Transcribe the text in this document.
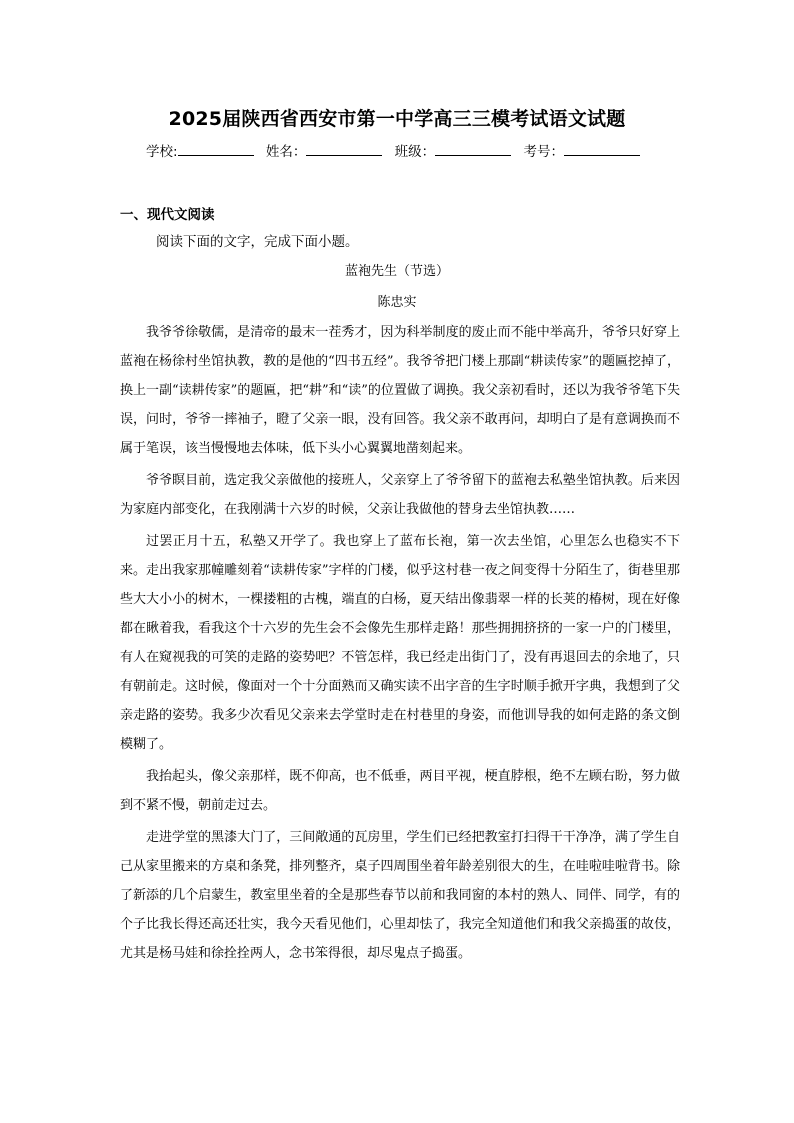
2025届陕西省西安市第一中学高三三模考试语文试题
学校:	姓名：	班级：	考号：
一、现代文阅读
阅读下面的文字，完成下面小题。
蓝袍先生（节选）
陈忠实

我爷爷徐敬儒，是清帝的最末一茬秀才，因为科举制度的废止而不能中举高升，爷爷只好穿上蓝袍在杨徐村坐馆执教，教的是他的“四书五经”。我爷爷把门楼上那副“耕读传家”的题匾挖掉了，换上一副“读耕传家”的题匾，把“耕”和“读”的位置做了调换。我父亲初看时，还以为我爷爷笔下失误，问时，爷爷一摔袖子，瞪了父亲一眼，没有回答。我父亲不敢再问，却明白了是有意调换而不属于笔误，该当慢慢地去体味，低下头小心翼翼地凿刻起来。

爷爷瞑目前，选定我父亲做他的接班人，父亲穿上了爷爷留下的蓝袍去私塾坐馆执教。后来因为家庭内部变化，在我刚满十六岁的时候，父亲让我做他的替身去坐馆执教……

过罢正月十五，私塾又开学了。我也穿上了蓝布长袍，第一次去坐馆，心里怎么也稳实不下来。走出我家那幢雕刻着“读耕传家”字样的门楼，似乎这村巷一夜之间变得十分陌生了，街巷里那些大大小小的树木，一棵搂粗的古槐，端直的白杨，夏天结出像翡翠一样的长荚的椿树，现在好像都在瞅着我，看我这个十六岁的先生会不会像先生那样走路！那些拥拥挤挤的一家一户的门楼里，有人在窥视我的可笑的走路的姿势吧？不管怎样，我已经走出街门了，没有再退回去的余地了，只有朝前走。这时候，像面对一个十分面熟而又确实读不出字音的生字时顺手掀开字典，我想到了父亲走路的姿势。我多少次看见父亲来去学堂时走在村巷里的身姿，而他训导我的如何走路的条文倒模糊了。

我抬起头，像父亲那样，既不仰高，也不低垂，两目平视，梗直脖根，绝不左顾右盼，努力做到不紧不慢，朝前走过去。

走进学堂的黑漆大门了，三间敞通的瓦房里，学生们已经把教室打扫得干干净净，满了学生自己从家里搬来的方桌和条凳，排列整齐，桌子四周围坐着年龄差别很大的生，在哇啦哇啦背书。除了新添的几个启蒙生，教室里坐着的全是那些春节以前和我同窗的本村的熟人、同伴、同学，有的个子比我长得还高还壮实，我今天看见他们，心里却怯了，我完全知道他们和我父亲捣蛋的故伎，尤其是杨马娃和徐拴拴两人，念书笨得很，却尽鬼点子捣蛋。
